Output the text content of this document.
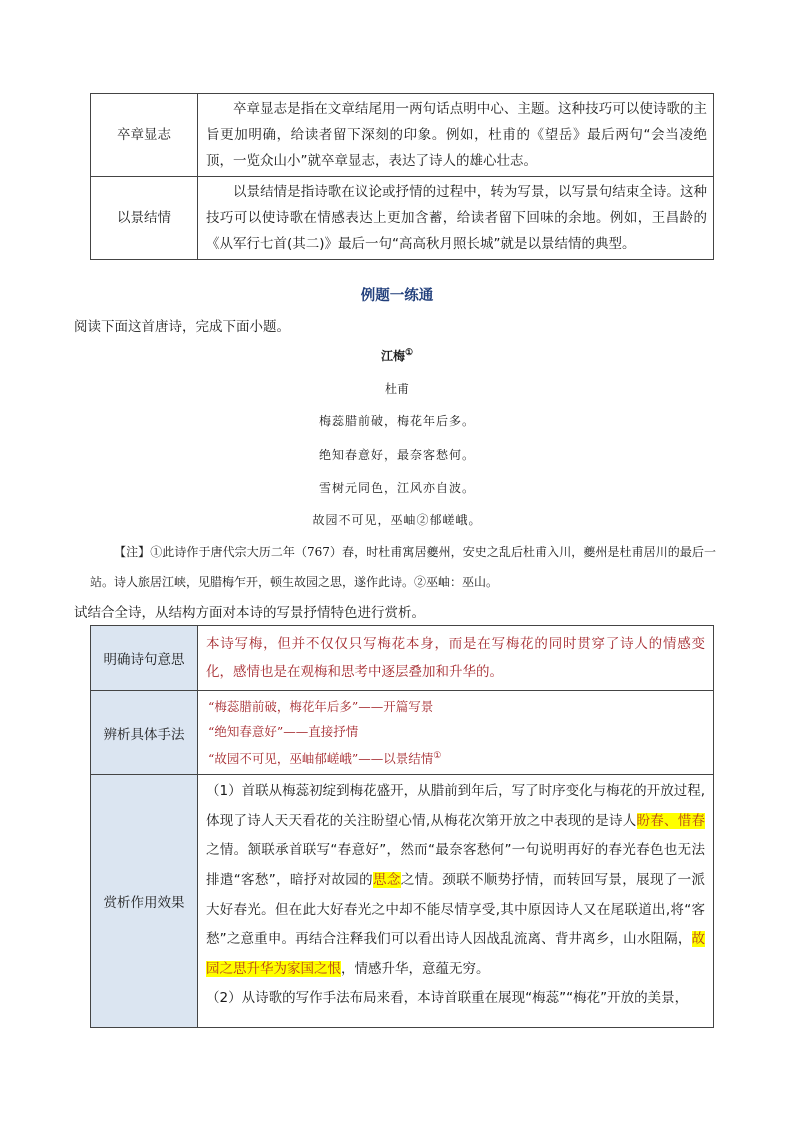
卒章显志	卒章显志是指在文章结尾用一两句话点明中心、主题。这种技巧可以使诗歌的主旨更加明确，给读者留下深刻的印象。例如，杜甫的《望岳》最后两句“会当凌绝顶，一览众山小”就卒章显志，表达了诗人的雄心壮志。
以景结情	以景结情是指诗歌在议论或抒情的过程中，转为写景，以写景句结束全诗。这种技巧可以使诗歌在情感表达上更加含蓄，给读者留下回味的余地。例如，王昌龄的《从军行七首(其二)》最后一句“高高秋月照长城”就是以景结情的典型。
例题一练通
阅读下面这首唐诗，完成下面小题。
江梅①
杜甫
梅蕊腊前破，梅花年后多。
绝知春意好，最奈客愁何。
雪树元同色，江风亦自波。
故园不可见，巫岫②郁嵯峨。
【注】①此诗作于唐代宗大历二年（767）春，时杜甫寓居夔州，安史之乱后杜甫入川，夔州是杜甫居川的最后一站。诗人旅居江峡，见腊梅乍开，顿生故园之思，遂作此诗。②巫岫：巫山。
试结合全诗，从结构方面对本诗的写景抒情特色进行赏析。
明确诗句意思	本诗写梅，但并不仅仅只写梅花本身，而是在写梅花的同时贯穿了诗人的情感变化，感情也是在观梅和思考中逐层叠加和升华的。
辨析具体手法	“梅蕊腊前破，梅花年后多”——开篇写景
“绝知春意好”——直接抒情
“故园不可见，巫岫郁嵯峨”——以景结情①

赏析作用效果	（1）首联从梅蕊初绽到梅花盛开，从腊前到年后，写了时序变化与梅花的开放过程,体现了诗人天天看花的关注盼望心情,从梅花次第开放之中表现的是诗人盼春、惜春之情。颔联承首联写“春意好”，然而“最奈客愁何”一句说明再好的春光春色也无法排遣“客愁”，暗抒对故园的思念之情。颈联不顺势抒情，而转回写景，展现了一派大好春光。但在此大好春光之中却不能尽情享受,其中原因诗人又在尾联道出,将“客愁”之意重申。再结合注释我们可以看出诗人因战乱流离、背井离乡，山水阻隔，故园之思升华为家国之恨，情感升华，意蕴无穷。
（2）从诗歌的写作手法布局来看，本诗首联重在展现“梅蕊”“梅花”开放的美景，
